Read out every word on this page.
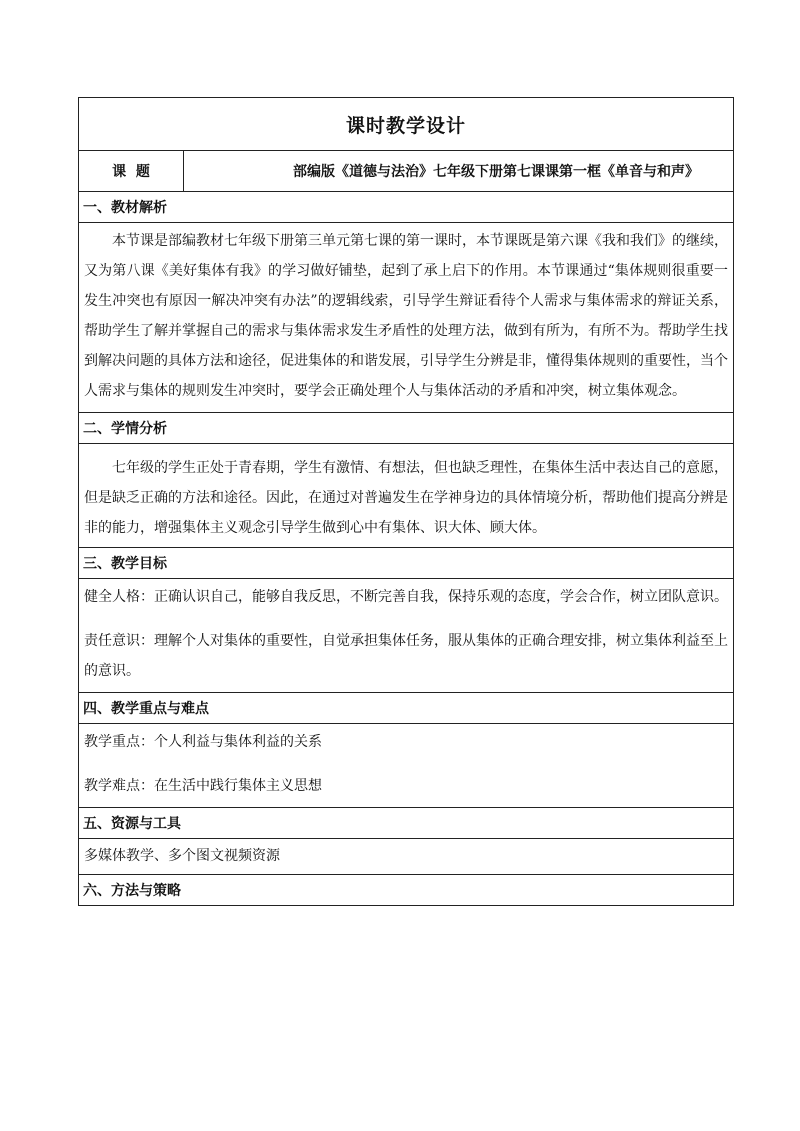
课时教学设计
课  题	部编版《道德与法治》七年级下册第七课课第一框《单音与和声》
一、教材解析

本节课是部编教材七年级下册第三单元第七课的第一课时，本节课既是第六课《我和我们》的继续，又为第八课《美好集体有我》的学习做好铺垫，起到了承上启下的作用。本节课通过“集体规则很重要一发生冲突也有原因一解决冲突有办法”的逻辑线索，引导学生辩证看待个人需求与集体需求的辩证关系，帮助学生了解并掌握自己的需求与集体需求发生矛盾性的处理方法，做到有所为，有所不为。帮助学生找到解决问题的具体方法和途径，促进集体的和谐发展，引导学生分辨是非，懂得集体规则的重要性，当个人需求与集体的规则发生冲突时，要学会正确处理个人与集体活动的矛盾和冲突，树立集体观念。

二、学情分析

七年级的学生正处于青春期，学生有激情、有想法，但也缺乏理性，在集体生活中表达自己的意愿，但是缺乏正确的方法和途径。因此，在通过对普遍发生在学神身边的具体情境分析，帮助他们提高分辨是非的能力，增强集体主义观念引导学生做到心中有集体、识大体、顾大体。

三、教学目标

健全人格：正确认识自己，能够自我反思，不断完善自我，保持乐观的态度，学会合作，树立团队意识。

责任意识：理解个人对集体的重要性，自觉承担集体任务，服从集体的正确合理安排，树立集体利益至上的意识。

四、教学重点与难点

教学重点：个人利益与集体利益的关系

教学难点：在生活中践行集体主义思想

五、资源与工具

多媒体教学、多个图文视频资源

六、方法与策略
